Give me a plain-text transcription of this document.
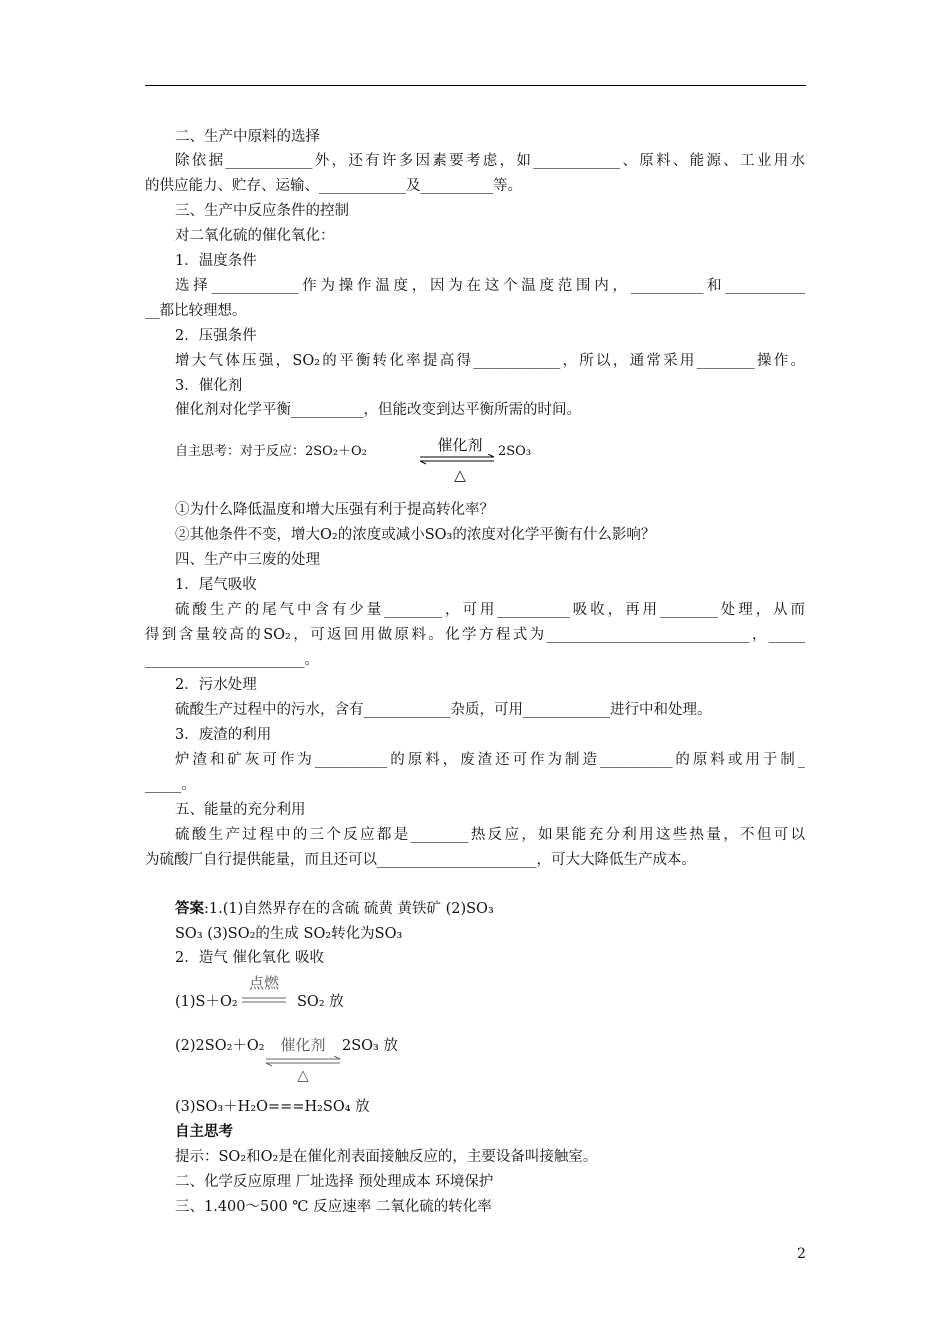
二、生产中原料的选择
除依据____________外，还有许多因素要考虑，如____________、原料、能源、工业用水
的供应能力、贮存、运输、____________及__________等。
三、生产中反应条件的控制
对二氧化硫的催化氧化：
1．温度条件
选择____________作为操作温度，因为在这个温度范围内，__________和___________
__都比较理想。
2．压强条件
增大气体压强，SO₂的平衡转化率提高得____________，所以，通常采用________操作。
3．催化剂
催化剂对化学平衡__________，但能改变到达平衡所需的时间。
自主思考：对于反应：2SO₂＋O₂	催化剂
△
2SO₃
①为什么降低温度和增大压强有利于提高转化率？
②其他条件不变，增大O₂的浓度或减小SO₃的浓度对化学平衡有什么影响？
四、生产中三废的处理
1．尾气吸收
硫酸生产的尾气中含有少量________，可用__________吸收，再用________处理，从而
得到含量较高的SO₂，可返回用做原料。化学方程式为____________________________，_____
______________________。
2．污水处理
硫酸生产过程中的污水，含有____________杂质，可用____________进行中和处理。
3．废渣的利用
炉渣和矿灰可作为__________的原料，废渣还可作为制造__________的原料或用于制_
_____。
五、能量的充分利用
硫酸生产过程中的三个反应都是________热反应，如果能充分利用这些热量，不但可以
为硫酸厂自行提供能量，而且还可以______________________，可大大降低生产成本。
答案:1.(1)自然界存在的含硫 硫黄 黄铁矿 (2)SO₃
SO₃ (3)SO₂的生成 SO₂转化为SO₃
2．造气 催化氧化 吸收
(1)S＋O₂
点燃
SO₂ 放
(2)2SO₂＋O₂	催化剂
△
2SO₃ 放
(3)SO₃＋H₂O===H₂SO₄ 放
自主思考
提示：SO₂和O₂是在催化剂表面接触反应的，主要设备叫接触室。
二、化学反应原理 厂址选择 预处理成本 环境保护
三、1.400～500 ℃ 反应速率 二氧化硫的转化率
2
